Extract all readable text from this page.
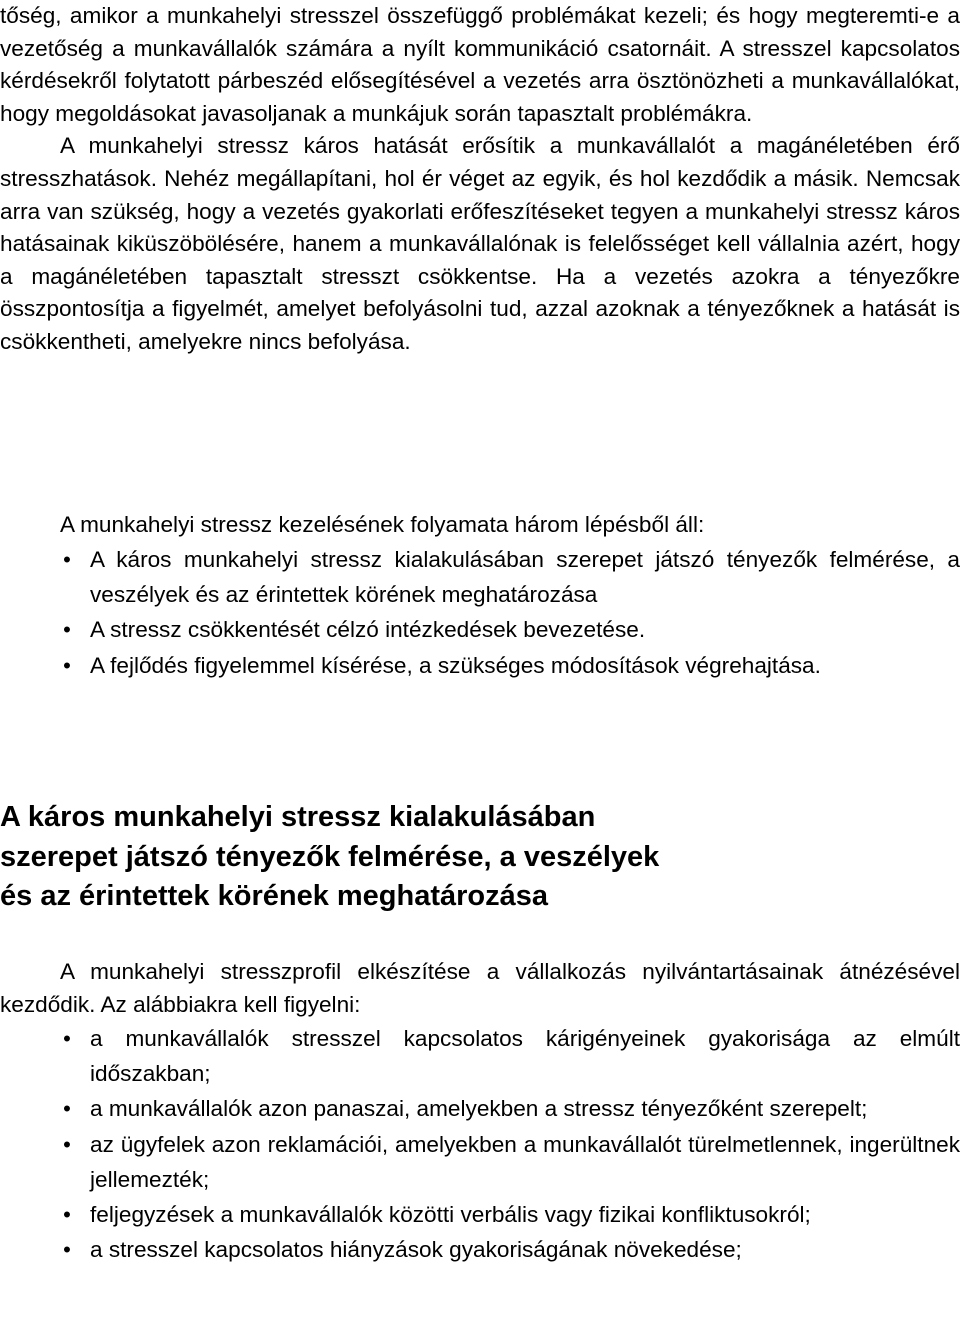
tőség, amikor a munkahelyi stresszel összefüggő problémákat kezeli; és hogy megteremti-e a vezetőség a munkavállalók számára a nyílt kommunikáció csatornáit. A stresszel kapcsolatos kérdésekről folytatott párbeszéd elősegítésével a vezetés arra ösztönözheti a munkavállalókat, hogy megoldásokat javasoljanak a munkájuk során tapasztalt problémákra.

A munkahelyi stressz káros hatását erősítik a munkavállalót a magánéletében érő stresszhatások. Nehéz megállapítani, hol ér véget az egyik, és hol kezdődik a másik. Nemcsak arra van szükség, hogy a vezetés gyakorlati erőfeszítéseket tegyen a munkahelyi stressz káros hatásainak kiküszöbölésére, hanem a munkavállalónak is felelősséget kell vállalnia azért, hogy a magánéletében tapasztalt stresszt csökkentse. Ha a vezetés azokra a tényezőkre összpontosítja a figyelmét, amelyet befolyásolni tud, azzal azoknak a tényezőknek a hatását is csökkentheti, amelyekre nincs befolyása.

A munkahelyi stressz kezelésének folyamata három lépésből áll:

• A káros munkahelyi stressz kialakulásában szerepet játszó tényezők felmérése, a veszélyek és az érintettek körének meghatározása
• A stressz csökkentését célzó intézkedések bevezetése.
• A fejlődés figyelemmel kísérése, a szükséges módosítások végrehajtása.
A káros munkahelyi stressz kialakulásában
szerepet játszó tényezők felmérése, a veszélyek
és az érintettek körének meghatározása

A munkahelyi stresszprofil elkészítése a vállalkozás nyilvántartásainak átnézésével kezdődik. Az alábbiakra kell figyelni:

• a munkavállalók stresszel kapcsolatos kárigényeinek gyakorisága az elmúlt időszakban;
• a munkavállalók azon panaszai, amelyekben a stressz tényezőként szerepelt;
• az ügyfelek azon reklamációi, amelyekben a munkavállalót türelmetlennek, ingerültnek jellemezték;
• feljegyzések a munkavállalók közötti verbális vagy fizikai konfliktusokról;
• a stresszel kapcsolatos hiányzások gyakoriságának növekedése;
